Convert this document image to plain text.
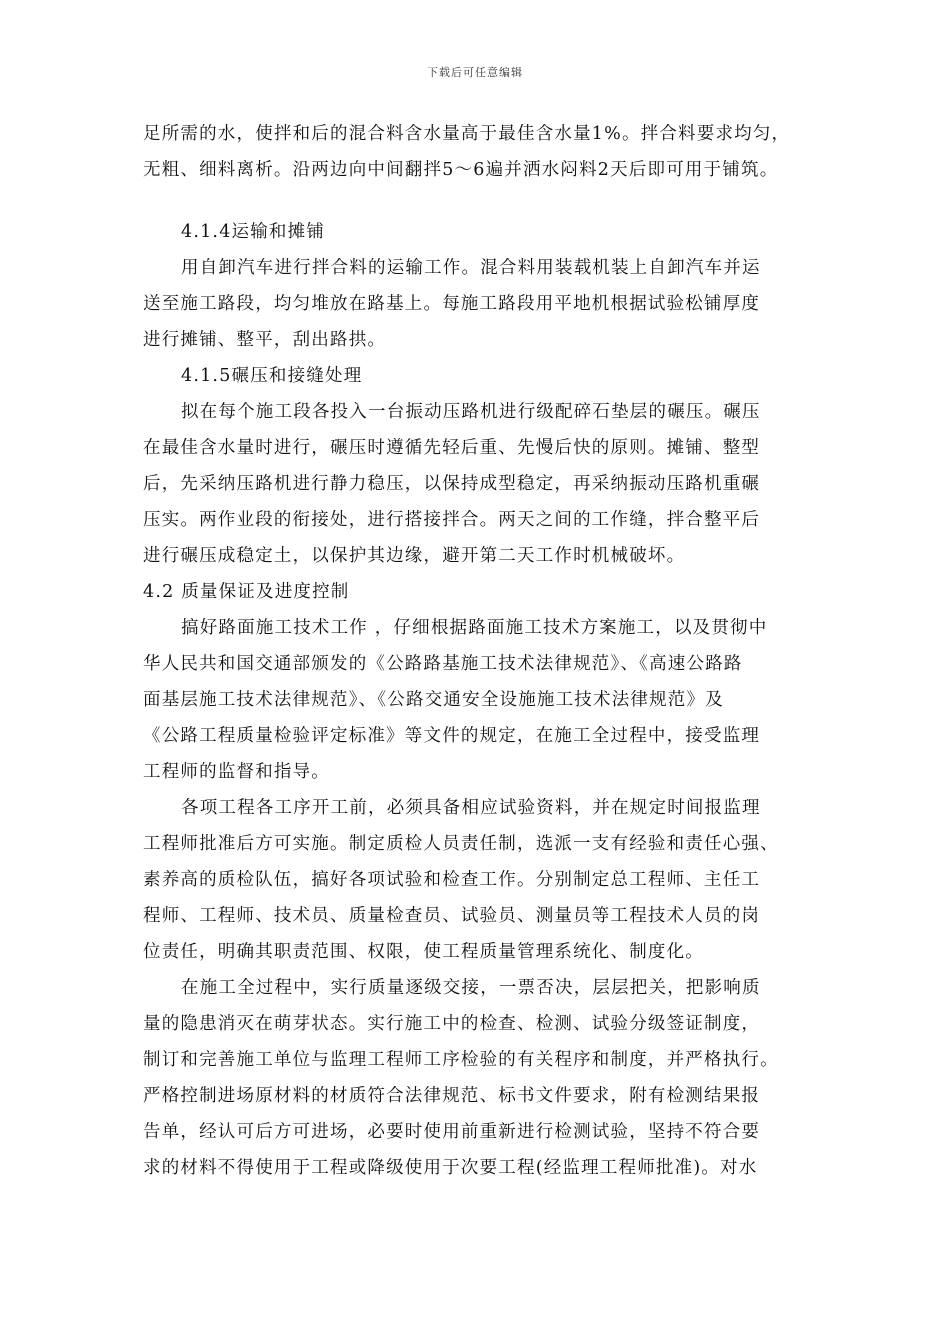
下载后可任意编辑
足所需的水，使拌和后的混合料含水量高于最佳含水量1%。拌合料要求均匀，
无粗、细料离析。沿两边向中间翻拌5～6遍并洒水闷料2天后即可用于铺筑。
4.1.4运输和摊铺
用自卸汽车进行拌合料的运输工作。混合料用装载机装上自卸汽车并运
送至施工路段，均匀堆放在路基上。每施工路段用平地机根据试验松铺厚度
进行摊铺、整平，刮出路拱。
4.1.5碾压和接缝处理
拟在每个施工段各投入一台振动压路机进行级配碎石垫层的碾压。碾压
在最佳含水量时进行，碾压时遵循先轻后重、先慢后快的原则。摊铺、整型
后，先采纳压路机进行静力稳压，以保持成型稳定，再采纳振动压路机重碾
压实。两作业段的衔接处，进行搭接拌合。两天之间的工作缝，拌合整平后
进行碾压成稳定土，以保护其边缘，避开第二天工作时机械破坏。
4.2 质量保证及进度控制
搞好路面施工技术工作 ，仔细根据路面施工技术方案施工，以及贯彻中
华人民共和国交通部颁发的《公路路基施工技术法律规范》、《高速公路路
面基层施工技术法律规范》、《公路交通安全设施施工技术法律规范》及
《公路工程质量检验评定标准》等文件的规定，在施工全过程中，接受监理
工程师的监督和指导。
各项工程各工序开工前，必须具备相应试验资料，并在规定时间报监理
工程师批准后方可实施。制定质检人员责任制，选派一支有经验和责任心强、
素养高的质检队伍，搞好各项试验和检查工作。分别制定总工程师、主任工
程师、工程师、技术员、质量检查员、试验员、测量员等工程技术人员的岗
位责任，明确其职责范围、权限，使工程质量管理系统化、制度化。
在施工全过程中，实行质量逐级交接，一票否决，层层把关，把影响质
量的隐患消灭在萌芽状态。实行施工中的检查、检测、试验分级签证制度，
制订和完善施工单位与监理工程师工序检验的有关程序和制度，并严格执行。
严格控制进场原材料的材质符合法律规范、标书文件要求，附有检测结果报
告单，经认可后方可进场，必要时使用前重新进行检测试验，坚持不符合要
求的材料不得使用于工程或降级使用于次要工程(经监理工程师批准)。对水
